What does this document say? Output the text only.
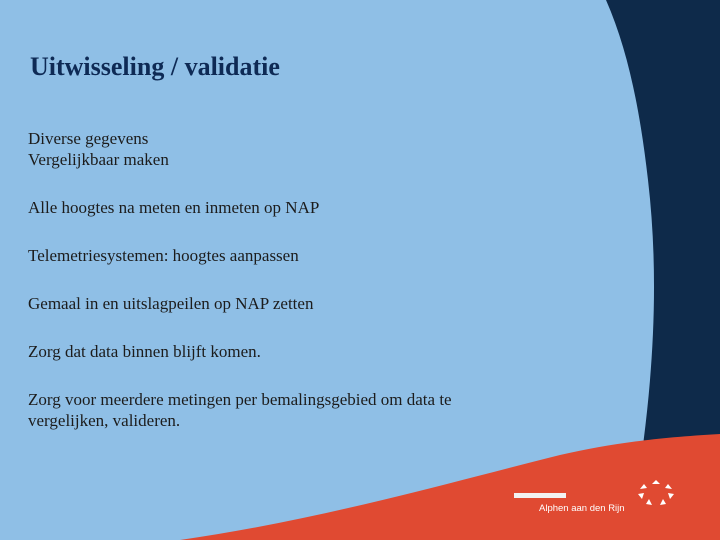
Uitwisseling / validatie

Diverse gegevens

Vergelijkbaar maken

Alle hoogtes na meten en inmeten op NAP

Telemetriesystemen: hoogtes aanpassen

Gemaal in en uitslagpeilen op NAP zetten

Zorg dat data binnen blijft komen.

Zorg voor meerdere metingen per bemalingsgebied om data te

vergelijken, valideren.

Alphen aan den Rijn
